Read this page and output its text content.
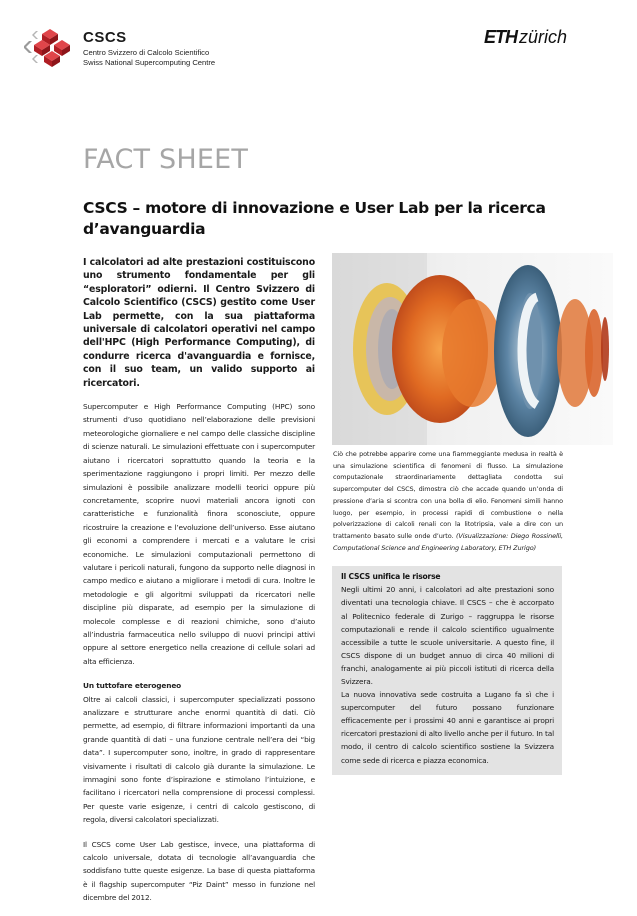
CSCS
Centro Svizzero di Calcolo Scientifico
Swiss National Supercomputing Centre
ETH zürich
FACT SHEET
CSCS – motore di innovazione e User Lab per la ricerca d’avanguardia

I calcolatori ad alte prestazioni costituiscono uno strumento fondamentale per gli “esploratori” odierni. Il Centro Svizzero di Calcolo Scientifico (CSCS) gestito come User Lab permette, con la sua piattaforma universale di calcolatori operativi nel campo dell'HPC (High Performance Computing), di condurre ricerca d'avanguardia e fornisce, con il suo team, un valido supporto ai ricercatori.

Supercomputer e High Performance Computing (HPC) sono strumenti d’uso quotidiano nell’elaborazione delle previsioni meteorologiche giornaliere e nel campo delle classiche discipline di scienze naturali. Le simulazioni effettuate con i supercomputer aiutano i ricercatori soprattutto quando la teoria e la sperimentazione raggiungono i propri limiti. Per mezzo delle simulazioni è possibile analizzare modelli teorici oppure più concretamente, scoprire nuovi materiali ancora ignoti con caratteristiche e funzionalità finora sconosciute, oppure ricostruire la creazione e l’evoluzione dell’universo. Esse aiutano gli economi a comprendere i mercati e a valutare le crisi economiche. Le simulazioni computazionali permettono di valutare i pericoli naturali, fungono da supporto nelle diagnosi in campo medico e aiutano a migliorare i metodi di cura. Inoltre le metodologie e gli algoritmi sviluppati da ricercatori nelle discipline più disparate, ad esempio per la simulazione di molecole complesse e di reazioni chimiche, sono d’aiuto all’industria farmaceutica nello sviluppo di nuovi principi attivi oppure al settore energetico nella creazione di cellule solari ad alta efficienza.

Un tuttofare eterogeneo

Oltre ai calcoli classici, i supercomputer specializzati possono analizzare e strutturare anche enormi quantità di dati. Ciò permette, ad esempio, di filtrare informazioni importanti da una grande quantità di dati – una funzione centrale nell’era dei “big data”. I supercomputer sono, inoltre, in grado di rappresentare visivamente i risultati di calcolo già durante la simulazione. Le immagini sono fonte d’ispirazione e stimolano l’intuizione, e facilitano i ricercatori nella comprensione di processi complessi. Per queste varie esigenze, i centri di calcolo gestiscono, di regola, diversi calcolatori specializzati.

Il CSCS come User Lab gestisce, invece, una piattaforma di calcolo universale, dotata di tecnologie all’avanguardia che soddisfano tutte queste esigenze. La base di questa piattaforma è il flagship supercomputer “Piz Daint” messo in funzione nel dicembre del 2012.

Ciò che potrebbe apparire come una fiammeggiante medusa in realtà è una simulazione scientifica di fenomeni di flusso. La simulazione computazionale straordinariamente dettagliata condotta sui supercomputer del CSCS, dimostra ciò che accade quando un’onda di pressione d’aria si scontra con una bolla di elio. Fenomeni simili hanno luogo, per esempio, in processi rapidi di combustione o nella polverizzazione di calcoli renali con la litotripsia, vale a dire con un trattamento basato sulle onde d’urto. (Visualizzazione: Diego Rossinelli, Computational Science and Engineering Laboratory, ETH Zurigo)
Il CSCS unifica le risorse

Negli ultimi 20 anni, i calcolatori ad alte prestazioni sono diventati una tecnologia chiave. Il CSCS – che è accorpato al Politecnico federale di Zurigo – raggruppa le risorse computazionali e rende il calcolo scientifico ugualmente accessibile a tutte le scuole universitarie. A questo fine, il CSCS dispone di un budget annuo di circa 40 milioni di franchi, analogamente ai più piccoli istituti di ricerca della Svizzera.

La nuova innovativa sede costruita a Lugano fa sì che i supercomputer del futuro possano funzionare efficacemente per i prossimi 40 anni e garantisce ai propri ricercatori prestazioni di alto livello anche per il futuro. In tal modo, il centro di calcolo scientifico sostiene la Svizzera come sede di ricerca e piazza economica.
